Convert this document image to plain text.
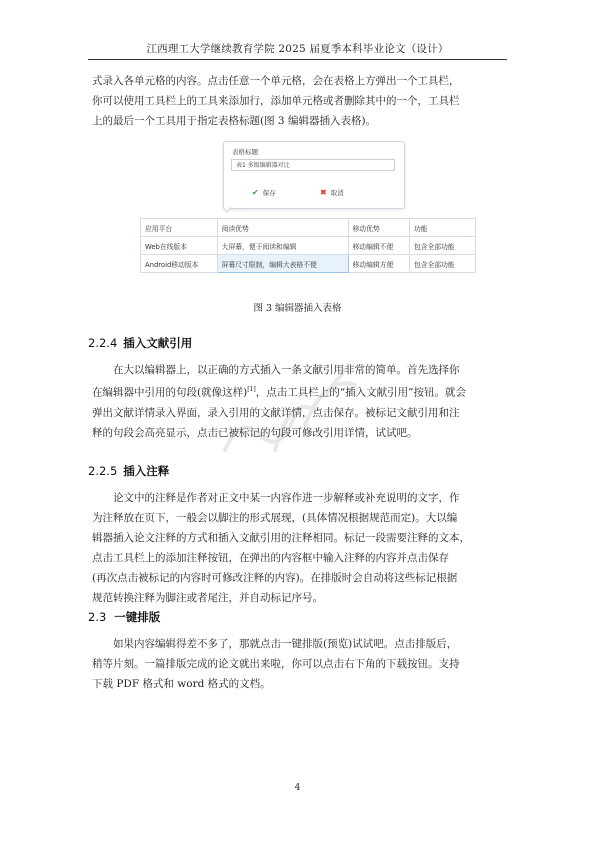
江西理工大学继续教育学院 2025 届夏季本科毕业论文（设计）
式录入各单元格的内容。点击任意一个单元格，会在表格上方弹出一个工具栏，
你可以使用工具栏上的工具来添加行，添加单元格或者删除其中的一个，工具栏
上的最后一个工具用于指定表格标题(图 3 编辑器插入表格)。
表格标题
表1 多级编辑器对比
✔ 保存	✖ 取消
应用平台	阅读优势	移动优势	功能
Web在线版本	大屏幕，便于阅读和编辑	移动编辑不便	包含全部功能
Android移动版本	屏幕尺寸限制，编辑大表格不便	移动编辑方便	包含全部功能
图 3 编辑器插入表格
2.2.4 插入文献引用
在大以编辑器上，以正确的方式插入一条文献引用非常的简单。首先选择你
在编辑器中引用的句段(就像这样)[1]，点击工具栏上的“插入文献引用”按钮。就会
弹出文献详情录入界面，录入引用的文献详情，点击保存。被标记文献引用和注
释的句段会高亮显示，点击已被标记的句段可修改引用详情，试试吧。
2.2.5 插入注释
论文中的注释是作者对正文中某一内容作进一步解释或补充说明的文字，作
为注释放在页下，一般会以脚注的形式展现，(具体情况根据规范而定)。大以编
辑器插入论文注释的方式和插入文献引用的注释相同。标记一段需要注释的文本，
点击工具栏上的添加注释按钮，在弹出的内容框中输入注释的内容并点击保存
(再次点击被标记的内容时可修改注释的内容)。在排版时会自动将这些标记根据
规范转换注释为脚注或者尾注，并自动标记序号。
2.3 一键排版
如果内容编辑得差不多了，那就点击一键排版(预览)试试吧。点击排版后，
稍等片刻。一篇排版完成的论文就出来啦，你可以点击右下角的下载按钮。支持
下载 PDF 格式和 word 格式的文档。
4
